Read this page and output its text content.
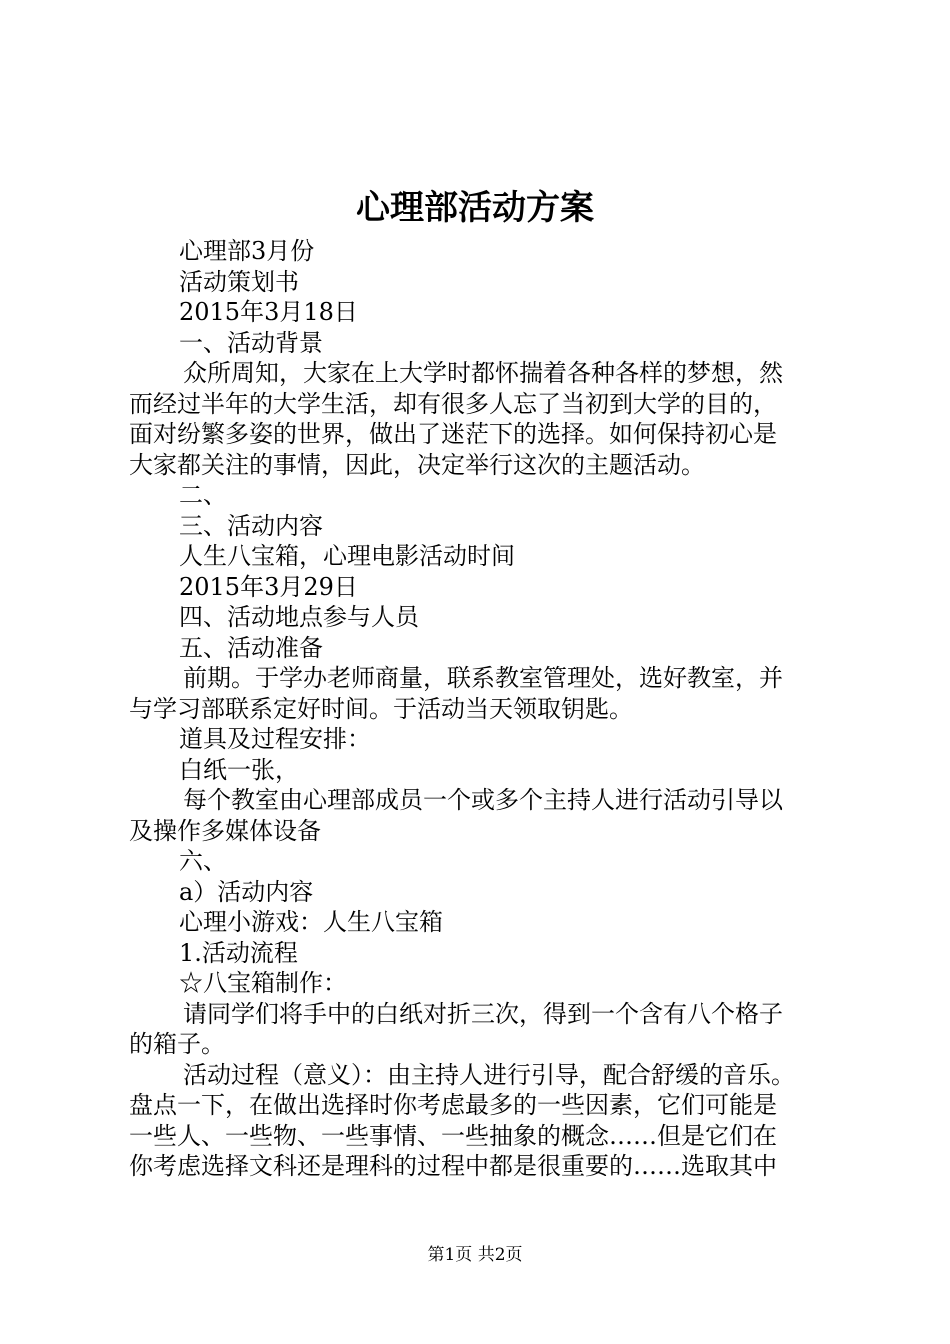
心理部活动方案

心理部3月份

活动策划书

2015年3月18日

一、活动背景

众所周知，大家在上大学时都怀揣着各种各样的梦想，然

而经过半年的大学生活，却有很多人忘了当初到大学的目的，

面对纷繁多姿的世界，做出了迷茫下的选择。如何保持初心是

大家都关注的事情，因此，决定举行这次的主题活动。

二、

三、活动内容

人生八宝箱，心理电影活动时间

2015年3月29日

四、活动地点参与人员

五、活动准备

前期。于学办老师商量，联系教室管理处，选好教室，并

与学习部联系定好时间。于活动当天领取钥匙。

道具及过程安排：

白纸一张，

每个教室由心理部成员一个或多个主持人进行活动引导以

及操作多媒体设备

六、

a）活动内容

心理小游戏：人生八宝箱

1.活动流程

☆八宝箱制作：

请同学们将手中的白纸对折三次，得到一个含有八个格子

的箱子。

活动过程（意义）：由主持人进行引导，配合舒缓的音乐。

盘点一下，在做出选择时你考虑最多的一些因素，它们可能是

一些人、一些物、一些事情、一些抽象的概念……但是它们在

你考虑选择文科还是理科的过程中都是很重要的……选取其中

第1页 共2页
